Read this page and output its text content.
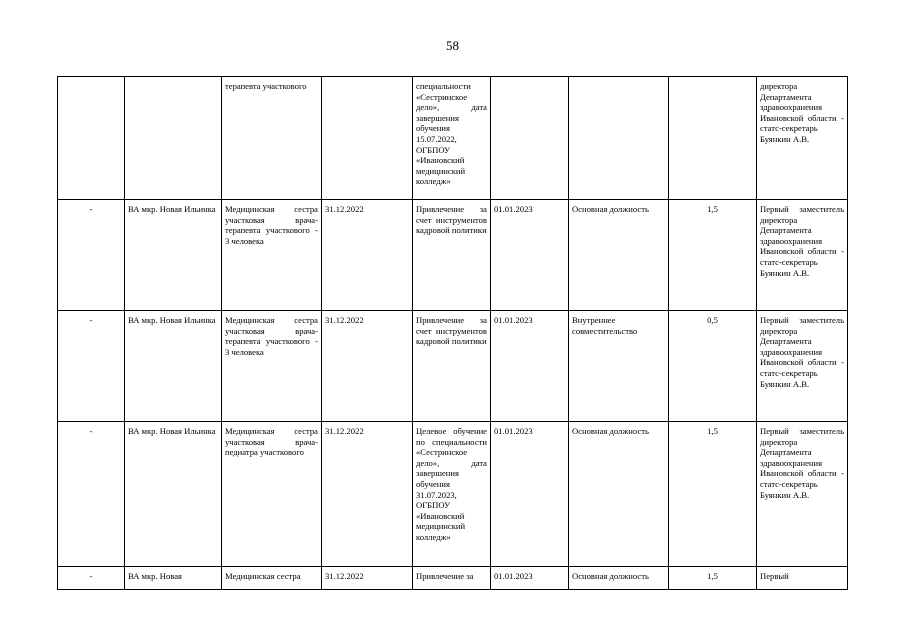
58
		терапевта участкового		специальности «Сестринское дело», дата завершения обучения 15.07.2022, ОГБПОУ «Ивановский медицинский колледж»				директора Департамента здравоохранения Ивановской области - статс-секретарь Буянкин А.В.
-	ВА мкр. Новая Ильинка	Медицинская сестра участковая врача-терапевта участкового - 3 человека	31.12.2022	Привлечение за счет инструментов кадровой политики	01.01.2023	Основная должность	1,5	Первый заместитель директора Департамента здравоохранения Ивановской области - статс-секретарь Буянкин А.В.
-	ВА мкр. Новая Ильинка	Медицинская сестра участковая врача-терапевта участкового - 3 человека	31.12.2022	Привлечение за счет инструментов кадровой политики	01.01.2023	Внутреннее совместительство	0,5	Первый заместитель директора Департамента здравоохранения Ивановской области - статс-секретарь Буянкин А.В.
-	ВА мкр. Новая Ильинка	Медицинская сестра участковая врача-педиатра участкового	31.12.2022	Целевое обучение по специальности «Сестринское дело», дата завершения обучения 31.07.2023, ОГБПОУ «Ивановский медицинский колледж»	01.01.2023	Основная должность	1,5	Первый заместитель директора Департамента здравоохранения Ивановской области - статс-секретарь Буянкин А.В.
-	ВА мкр. Новая	Медицинская сестра	31.12.2022	Привлечение за	01.01.2023	Основная должность	1,5	Первый
